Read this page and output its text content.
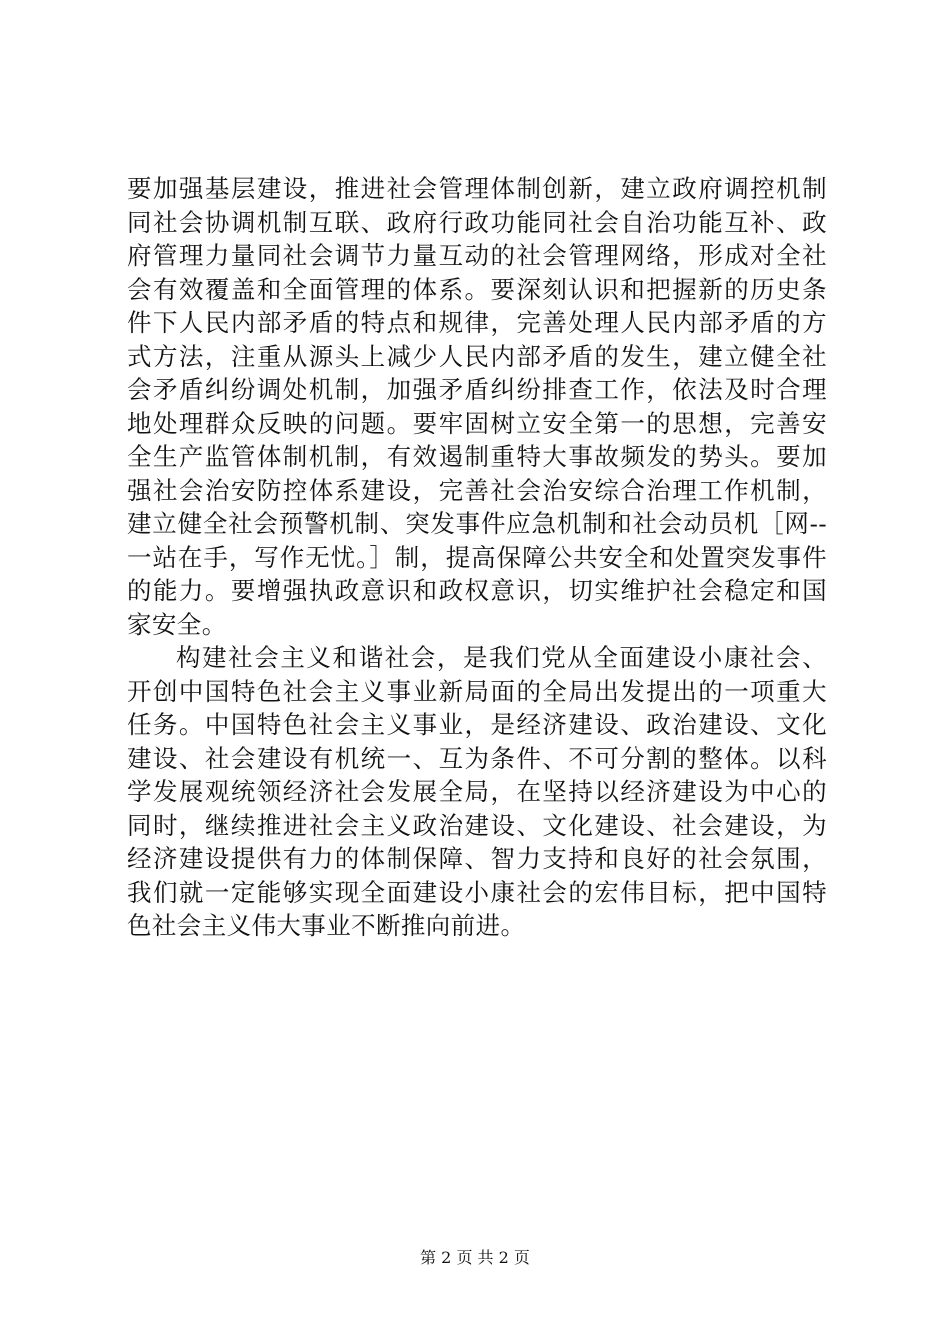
要加强基层建设，推进社会管理体制创新，建立政府调控机制
同社会协调机制互联、政府行政功能同社会自治功能互补、政
府管理力量同社会调节力量互动的社会管理网络，形成对全社
会有效覆盖和全面管理的体系。要深刻认识和把握新的历史条
件下人民内部矛盾的特点和规律，完善处理人民内部矛盾的方
式方法，注重从源头上减少人民内部矛盾的发生，建立健全社
会矛盾纠纷调处机制，加强矛盾纠纷排查工作，依法及时合理
地处理群众反映的问题。要牢固树立安全第一的思想，完善安
全生产监管体制机制，有效遏制重特大事故频发的势头。要加
强社会治安防控体系建设，完善社会治安综合治理工作机制，
建立健全社会预警机制、突发事件应急机制和社会动员机［网--
一站在手，写作无忧。］制，提高保障公共安全和处置突发事件
的能力。要增强执政意识和政权意识，切实维护社会稳定和国
家安全。
构建社会主义和谐社会，是我们党从全面建设小康社会、
开创中国特色社会主义事业新局面的全局出发提出的一项重大
任务。中国特色社会主义事业，是经济建设、政治建设、文化
建设、社会建设有机统一、互为条件、不可分割的整体。以科
学发展观统领经济社会发展全局，在坚持以经济建设为中心的
同时，继续推进社会主义政治建设、文化建设、社会建设，为
经济建设提供有力的体制保障、智力支持和良好的社会氛围，
我们就一定能够实现全面建设小康社会的宏伟目标，把中国特
色社会主义伟大事业不断推向前进。
第 2 页 共 2 页
